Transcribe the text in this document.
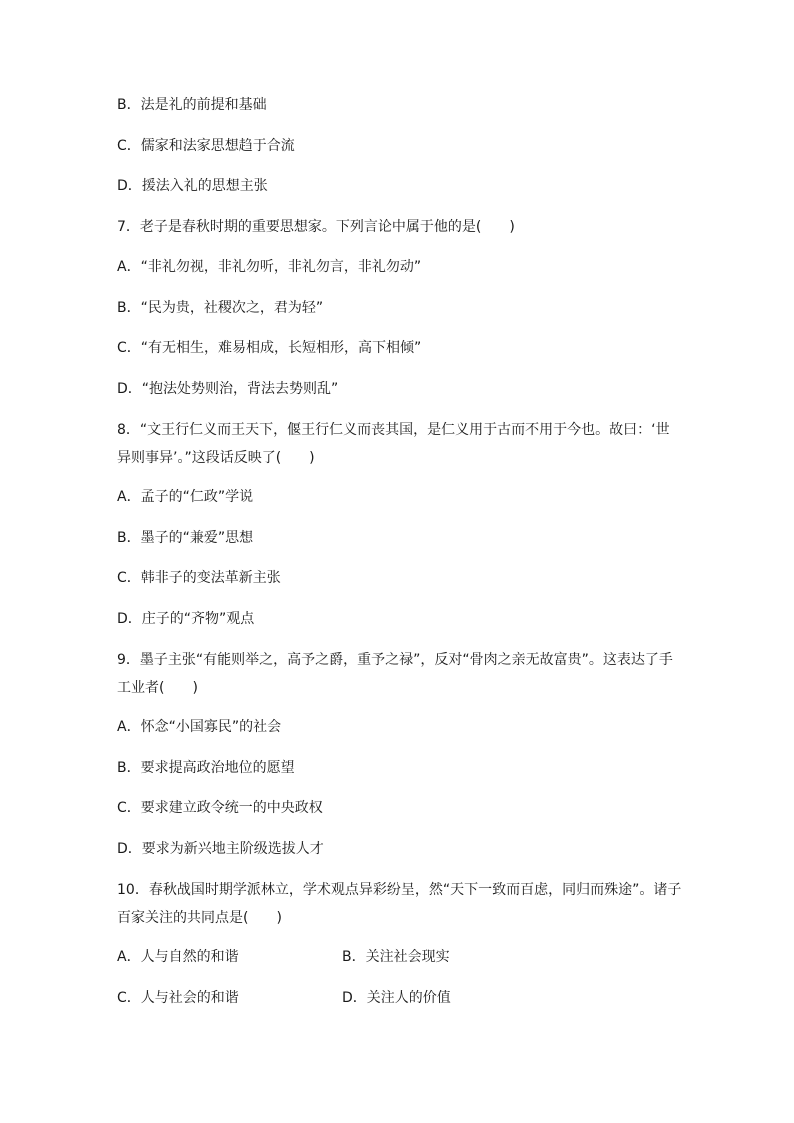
B．法是礼的前提和基础
C．儒家和法家思想趋于合流
D．援法入礼的思想主张
7．老子是春秋时期的重要思想家。下列言论中属于他的是(　　)
A．“非礼勿视，非礼勿听，非礼勿言，非礼勿动”
B．“民为贵，社稷次之，君为轻”
C．“有无相生，难易相成，长短相形，高下相倾”
D．“抱法处势则治，背法去势则乱”
8．“文王行仁义而王天下，偃王行仁义而丧其国，是仁义用于古而不用于今也。故曰：‘世
异则事异’。”这段话反映了(　　)
A．孟子的“仁政”学说
B．墨子的“兼爱”思想
C．韩非子的变法革新主张
D．庄子的“齐物”观点
9．墨子主张“有能则举之，高予之爵，重予之禄”，反对“骨肉之亲无故富贵”。这表达了手
工业者(　　)
A．怀念“小国寡民”的社会
B．要求提高政治地位的愿望
C．要求建立政令统一的中央政权
D．要求为新兴地主阶级选拔人才
10．春秋战国时期学派林立，学术观点异彩纷呈，然“天下一致而百虑，同归而殊途”。诸子
百家关注的共同点是(　　)
A．人与自然的和谐	B．关注社会现实
C．人与社会的和谐	D．关注人的价值
